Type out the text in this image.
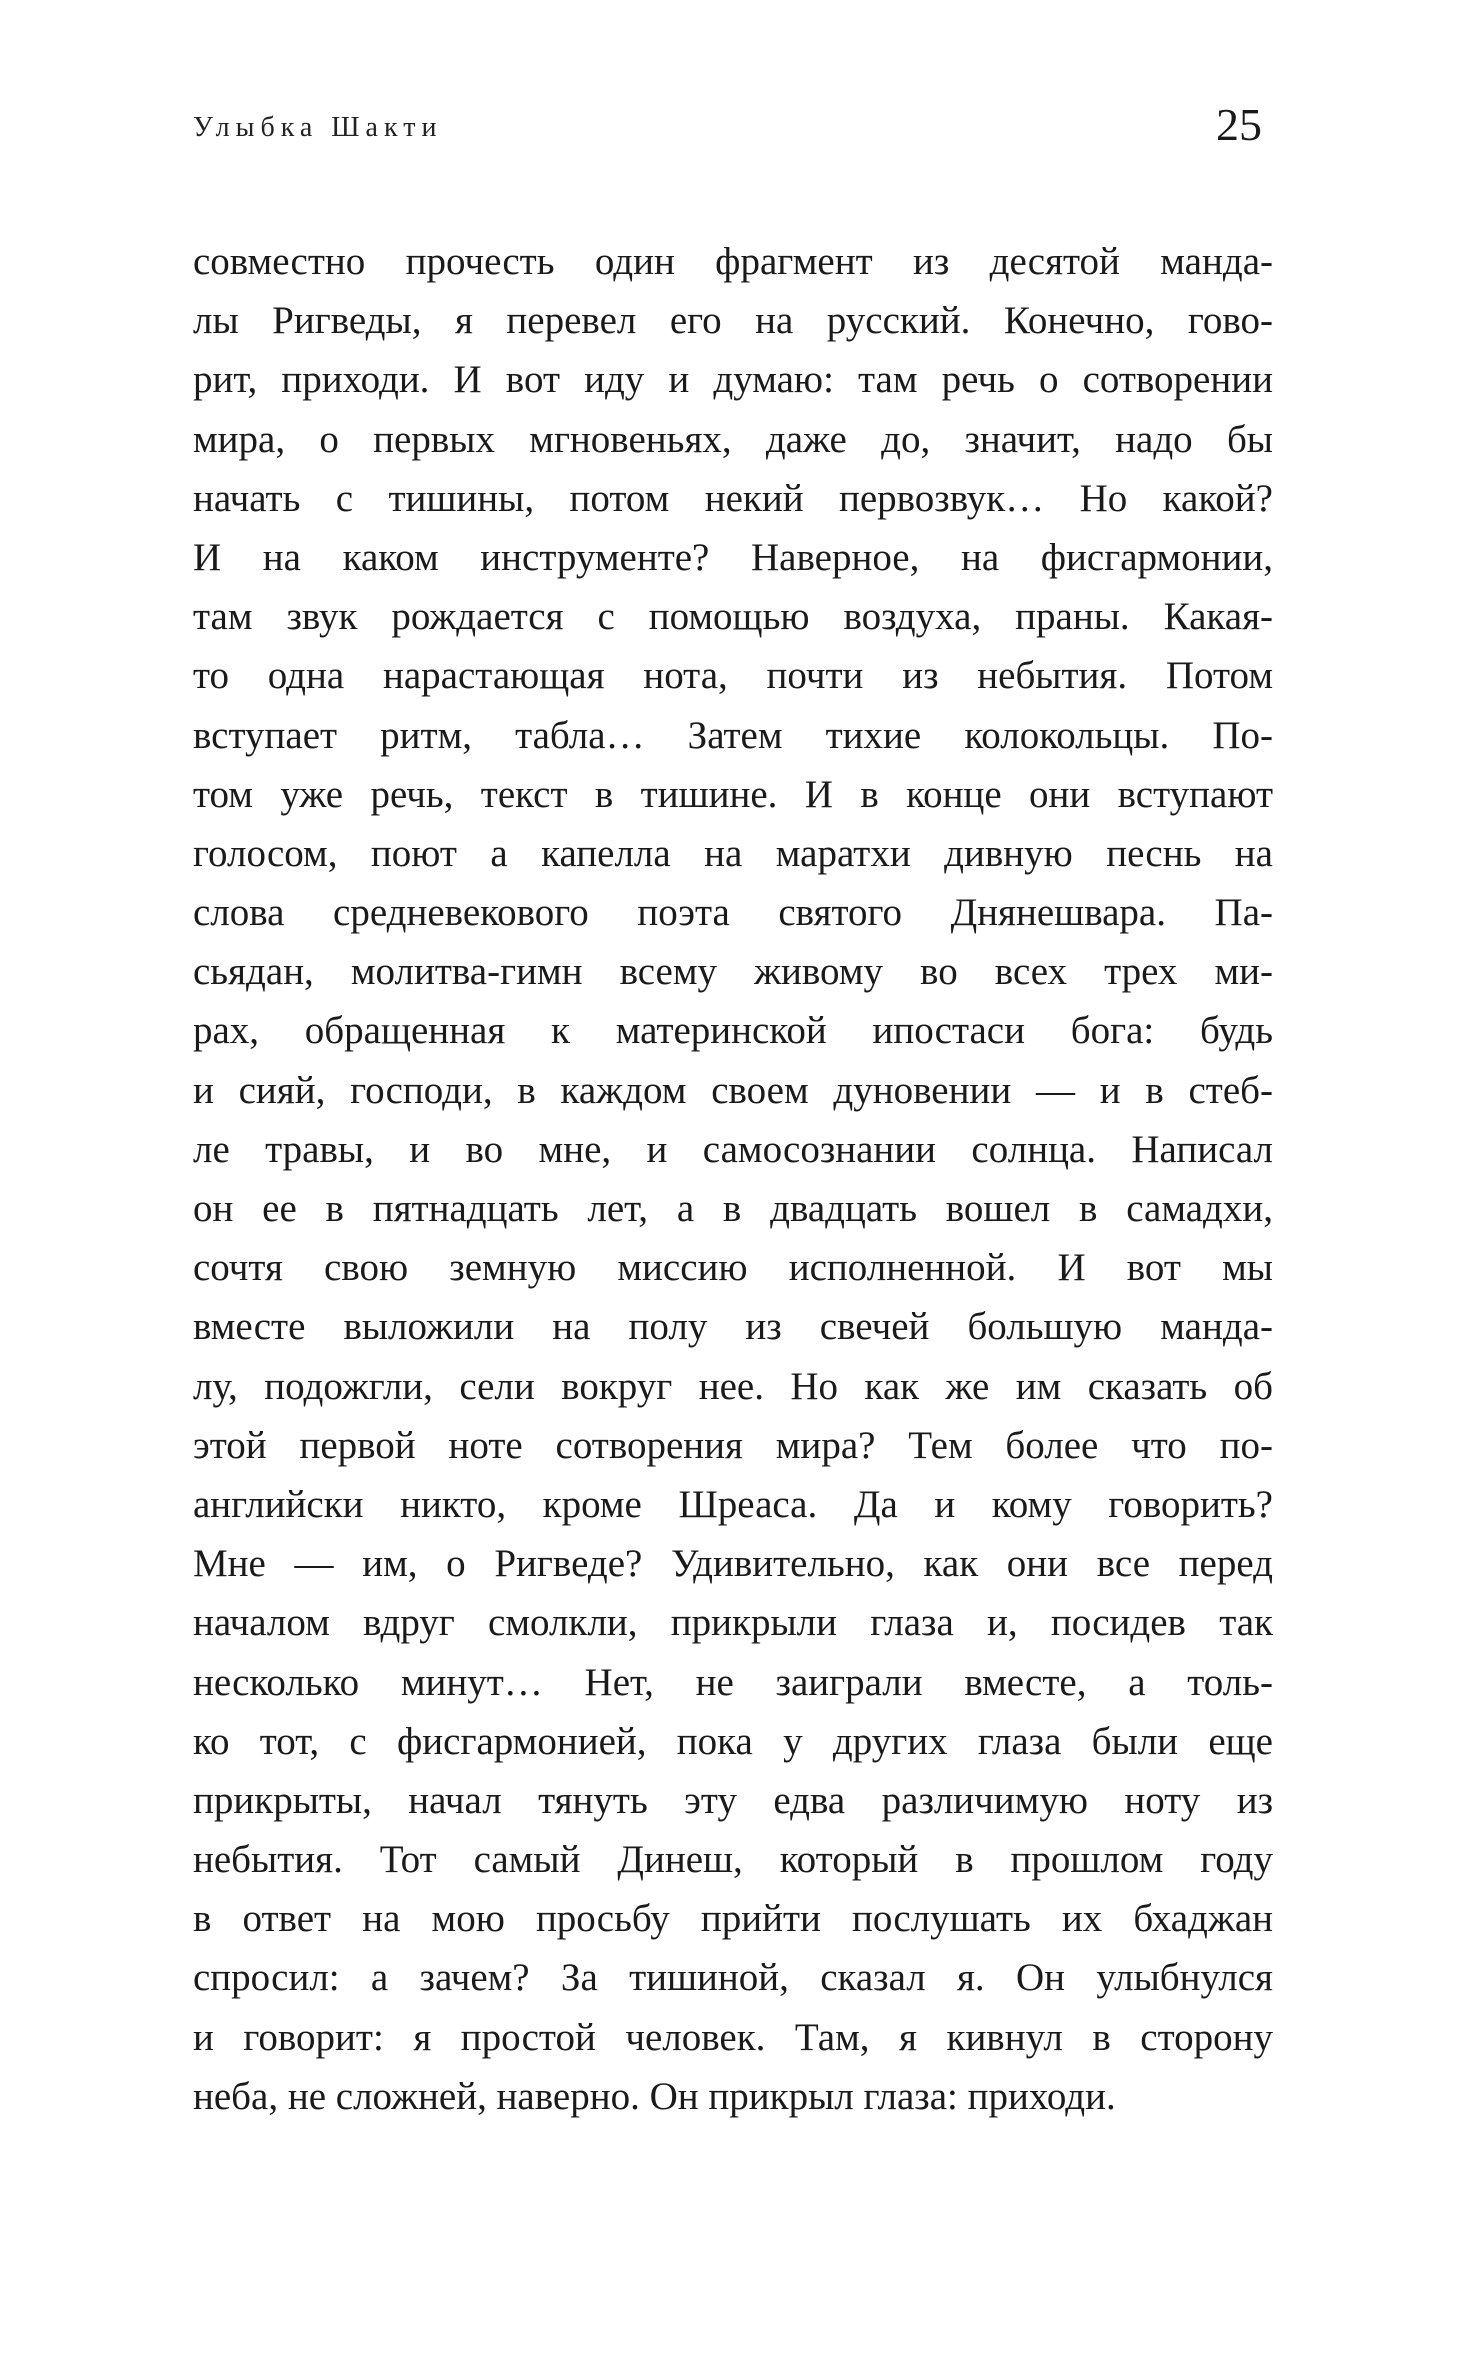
Улыбка Шакти	25
совместно прочесть один фрагмент из десятой манда-
лы Ригведы, я перевел его на русский. Конечно, гово-
рит, приходи. И вот иду и думаю: там речь о сотворении
мира, о первых мгновеньях, даже до, значит, надо бы
начать с тишины, потом некий первозвук… Но какой?
И на каком инструменте? Наверное, на фисгармонии,
там звук рождается с помощью воздуха, праны. Какая-
то одна нарастающая нота, почти из небытия. Потом
вступает ритм, табла… Затем тихие колокольцы. По-
том уже речь, текст в тишине. И в конце они вступают
голосом, поют а капелла на маратхи дивную песнь на
слова средневекового поэта святого Днянешвара. Па-
сьядан, молитва-гимн всему живому во всех трех ми-
рах, обращенная к материнской ипостаси бога: будь
и сияй, господи, в каждом своем дуновении — и в стеб-
ле травы, и во мне, и самосознании солнца. Написал
он ее в пятнадцать лет, а в двадцать вошел в самадхи,
сочтя свою земную миссию исполненной. И вот мы
вместе выложили на полу из свечей большую манда-
лу, подожгли, сели вокруг нее. Но как же им сказать об
этой первой ноте сотворения мира? Тем более что по-
английски никто, кроме Шреаса. Да и кому говорить?
Мне — им, о Ригведе? Удивительно, как они все перед
началом вдруг смолкли, прикрыли глаза и, посидев так
несколько минут… Нет, не заиграли вместе, а толь-
ко тот, с фисгармонией, пока у других глаза были еще
прикрыты, начал тянуть эту едва различимую ноту из
небытия. Тот самый Динеш, который в прошлом году
в ответ на мою просьбу прийти послушать их бхаджан
спросил: а зачем? За тишиной, сказал я. Он улыбнулся
и говорит: я простой человек. Там, я кивнул в сторону
неба, не сложней, наверно. Он прикрыл глаза: приходи.
